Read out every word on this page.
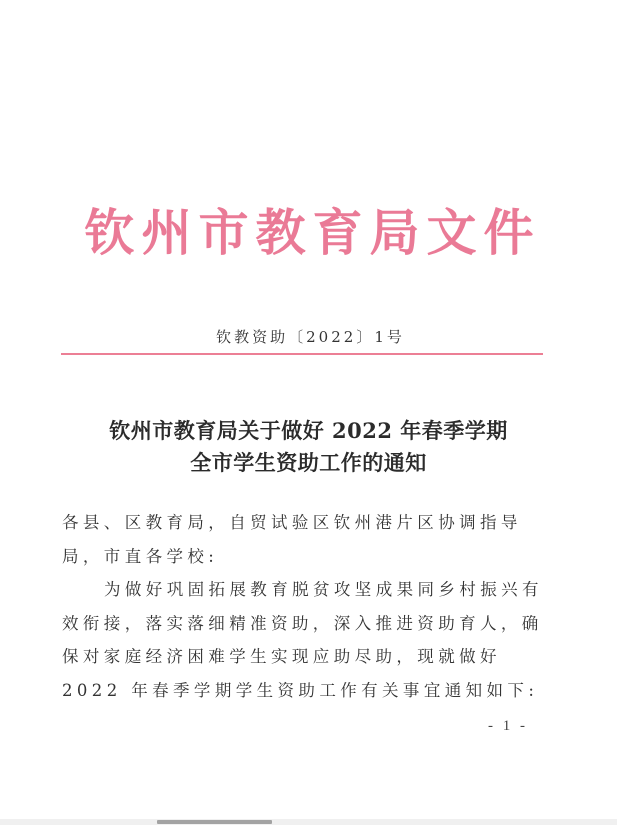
钦州市教育局文件
钦教资助〔2022〕1号
钦州市教育局关于做好 2022 年春季学期
全市学生资助工作的通知

各县、区教育局，自贸试验区钦州港片区协调指导局，市直各学校:

为做好巩固拓展教育脱贫攻坚成果同乡村振兴有效衔接，落实落细精准资助，深入推进资助育人，确保对家庭经济困难学生实现应助尽助，现就做好 2022 年春季学期学生资助工作有关事宜通知如下:

- 1 -
